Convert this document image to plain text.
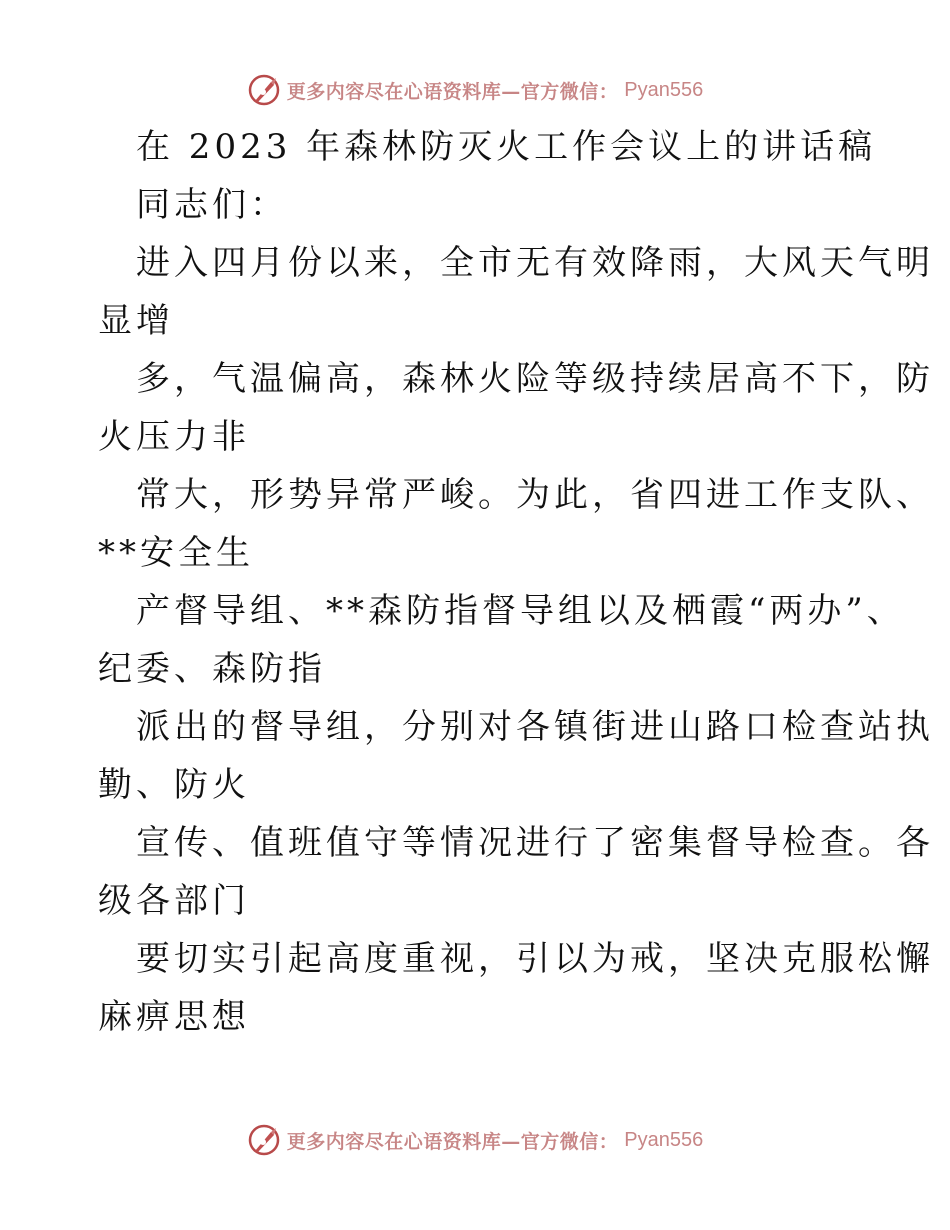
更多内容尽在心语资料库—官方微信： Pyan556
在 2023 年森林防灭火工作会议上的讲话稿
同志们：
进入四月份以来，全市无有效降雨，大风天气明
显增
多，气温偏高，森林火险等级持续居高不下，防
火压力非
常大，形势异常严峻。为此，省四进工作支队、
**安全生
产督导组、**森防指督导组以及栖霞“两办”、
纪委、森防指
派出的督导组，分别对各镇街进山路口检查站执
勤、防火
宣传、值班值守等情况进行了密集督导检查。各
级各部门
要切实引起高度重视，引以为戒，坚决克服松懈
麻痹思想
更多内容尽在心语资料库—官方微信： Pyan556
